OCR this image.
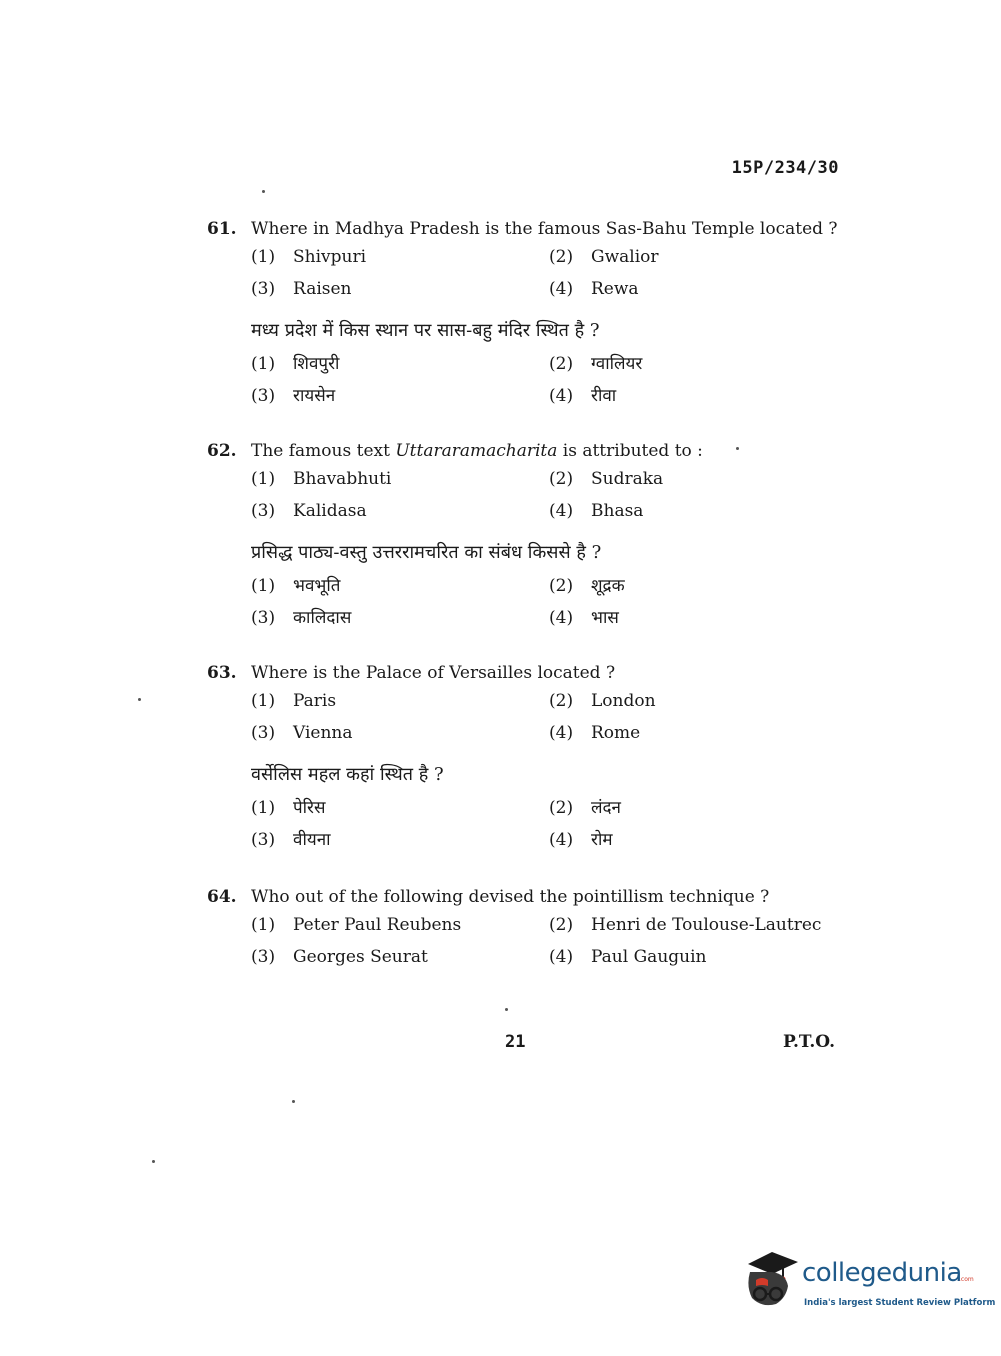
15P/234/30
61. Where in Madhya Pradesh is the famous Sas-Bahu Temple located ?
(1) Shivpuri	(2) Gwalior
(3) Raisen	(4) Rewa
मध्य प्रदेश में किस स्थान पर सास-बहु मंदिर स्थित है ?
(1) शिवपुरी	(2) ग्वालियर
(3) रायसेन	(4) रीवा
62. The famous text Uttararamacharita is attributed to :
(1) Bhavabhuti	(2) Sudraka
(3) Kalidasa	(4) Bhasa
प्रसिद्ध पाठ्य-वस्तु उत्तररामचरित का संबंध किससे है ?
(1) भवभूति	(2) शूद्रक
(3) कालिदास	(4) भास
63. Where is the Palace of Versailles located ?
(1) Paris	(2) London
(3) Vienna	(4) Rome
वर्सेलिस महल कहां स्थित है ?
(1) पेरिस	(2) लंदन
(3) वीयना	(4) रोम
64. Who out of the following devised the pointillism technique ?
(1) Peter Paul Reubens	(2) Henri de Toulouse-Lautrec
(3) Georges Seurat	(4) Paul Gauguin
21	P.T.O.
collegedunia
.com
India's largest Student Review Platform
